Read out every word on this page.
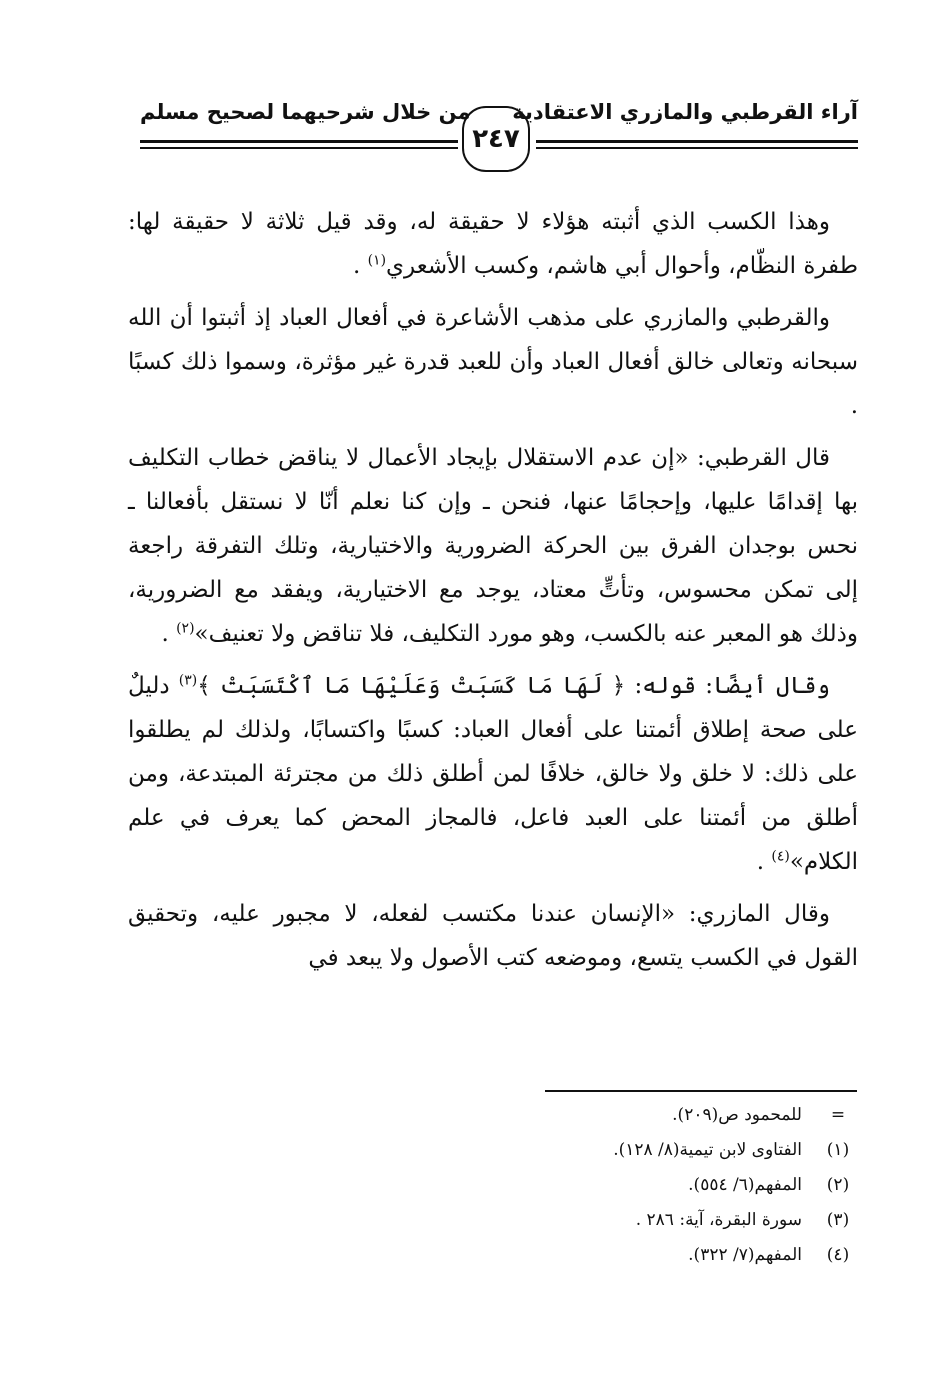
آراء القرطبي والمازري الاعتقادية
من خلال شرحيهما لصحيح مسلم
٢٤٧

وهذا الكسب الذي أثبته هؤلاء لا حقيقة له، وقد قيل ثلاثة لا حقيقة لها: طفرة النظّام، وأحوال أبي هاشم، وكسب الأشعري$^{(١)}$ .

والقرطبي والمازري على مذهب الأشاعرة في أفعال العباد إذ أثبتوا أن الله سبحانه وتعالى خالق أفعال العباد وأن للعبد قدرة غير مؤثرة، وسموا ذلك كسبًا .

قال القرطبي: «إن عدم الاستقلال بإيجاد الأعمال لا يناقض خطاب التكليف بها إقدامًا عليها، وإحجامًا عنها، فنحن ـ وإن كنا نعلم أنّا لا نستقل بأفعالنا ـ نحس بوجدان الفرق بين الحركة الضرورية والاختيارية، وتلك التفرقة راجعة إلى تمكن محسوس، وتأتٍّ معتاد، يوجد مع الاختيارية، ويفقد مع الضرورية، وذلك هو المعبر عنه بالكسب، وهو مورد التكليف، فلا تناقض ولا تعنيف»$^{(٢)}$ .

وقال أيضًا: قوله: ﴿ لَهَا مَا كَسَبَتْ وَعَلَيْهَا مَا ٱكْتَسَبَتْ ﴾$^{(٣)}$ دليلٌ على صحة إطلاق أئمتنا على أفعال العباد: كسبًا واكتسابًا، ولذلك لم يطلقوا على ذلك: لا خلق ولا خالق، خلافًا لمن أطلق ذلك من مجترئة المبتدعة، ومن أطلق من أئمتنا على العبد فاعل، فالمجاز المحض كما يعرف في علم الكلام»$^{(٤)}$ .

وقال المازري: «الإنسان عندنا مكتسب لفعله، لا مجبور عليه، وتحقيق القول في الكسب يتسع، وموضعه كتب الأصول ولا يبعد في

=
للمحمود ص(٢٠٩).
(١)
الفتاوى لابن تيمية(٨/ ١٢٨).
(٢)
المفهم(٦/ ٥٥٤).
(٣)
سورة البقرة، آية: ٢٨٦ .
(٤)
المفهم(٧/ ٣٢٢).
